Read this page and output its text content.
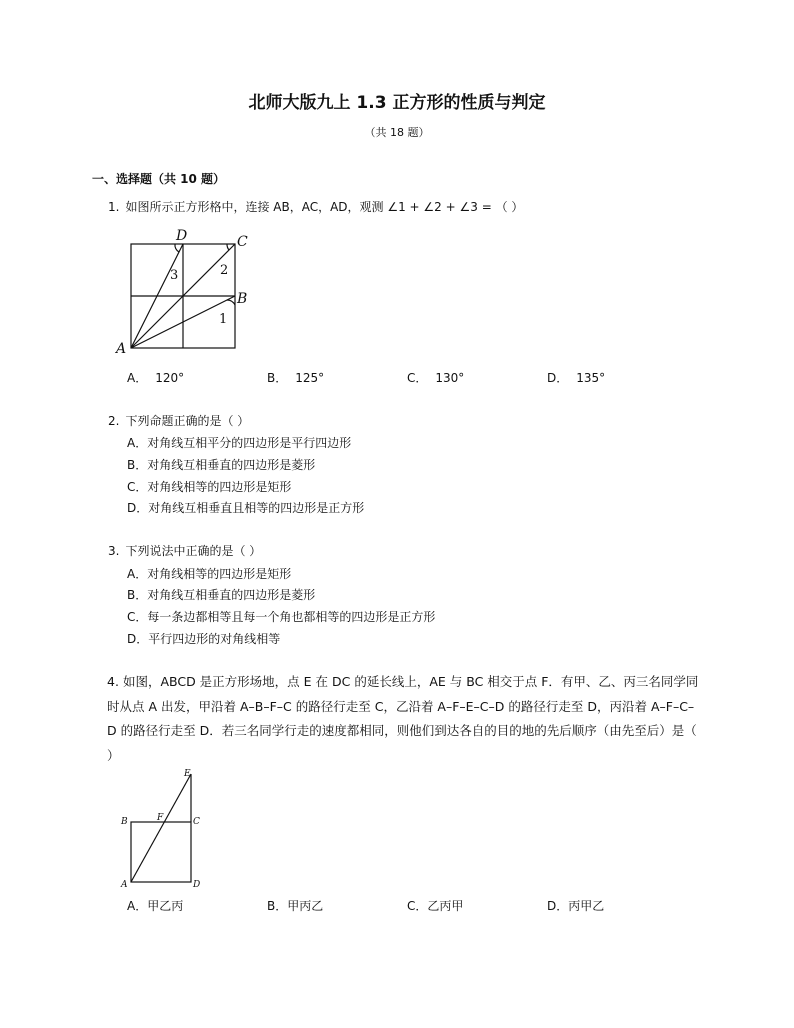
北师大版九上 1.3 正方形的性质与判定
（共 18 题）
一、选择题（共 10 题）
1. 如图所示正方形格中，连接 AB，AC，AD，观测 ∠1 + ∠2 + ∠3 = （ ）
D	C
B
A
3	2
1
A． 120°	B． 125°	C． 130°	D． 135°
2. 下列命题正确的是（ ）
A．对角线互相平分的四边形是平行四边形
B．对角线互相垂直的四边形是菱形
C．对角线相等的四边形是矩形
D．对角线互相垂直且相等的四边形是正方形
3. 下列说法中正确的是（ ）
A．对角线相等的四边形是矩形
B．对角线互相垂直的四边形是菱形
C．每一条边都相等且每一个角也都相等的四边形是正方形
D．平行四边形的对角线相等
4. 如图，ABCD 是正方形场地，点 E 在 DC 的延长线上，AE 与 BC 相交于点 F．有甲、乙、丙三名同学同时从点 A 出发，甲沿着 A–B–F–C 的路径行走至 C，乙沿着 A–F–E–C–D 的路径行走至 D，丙沿着 A–F–C–D 的路径行走至 D．若三名同学行走的速度都相同，则他们到达各自的目的地的先后顺序（由先至后）是（ ）
E
B	F	C
A	D
A．甲乙丙	B．甲丙乙	C．乙丙甲	D．丙甲乙
